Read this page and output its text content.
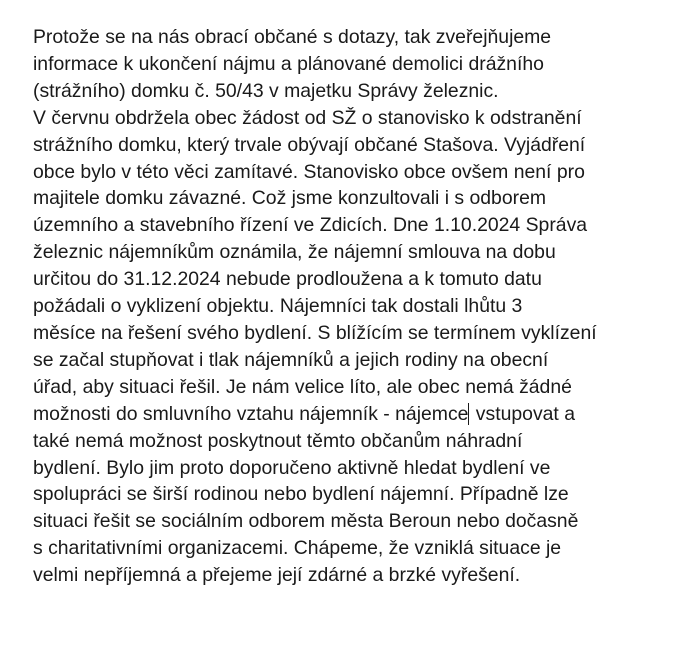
Protože se na nás obrací občané s dotazy, tak zveřejňujeme
informace k ukončení nájmu a plánované demolici drážního
(strážního) domku č. 50/43 v majetku Správy železnic.
V červnu obdržela obec žádost od SŽ o stanovisko k odstranění
strážního domku, který trvale obývají občané Stašova. Vyjádření
obce bylo v této věci zamítavé. Stanovisko obce ovšem není pro
majitele domku závazné. Což jsme konzultovali i s odborem
územního a stavebního řízení ve Zdicích. Dne 1.10.2024 Správa
železnic nájemníkům oznámila, že nájemní smlouva na dobu
určitou do 31.12.2024 nebude prodloužena a k tomuto datu
požádali o vyklizení objektu. Nájemníci tak dostali lhůtu 3
měsíce na řešení svého bydlení. S blížícím se termínem vyklízení
se začal stupňovat i tlak nájemníků a jejich rodiny na obecní
úřad, aby situaci řešil. Je nám velice líto, ale obec nemá žádné
možnosti do smluvního vztahu nájemník - nájemce vstupovat a
také nemá možnost poskytnout těmto občanům náhradní
bydlení. Bylo jim proto doporučeno aktivně hledat bydlení ve
spolupráci se širší rodinou nebo bydlení nájemní. Případně lze
situaci řešit se sociálním odborem města Beroun nebo dočasně
s charitativními organizacemi. Chápeme, že vzniklá situace je
velmi nepříjemná a přejeme její zdárné a brzké vyřešení.
